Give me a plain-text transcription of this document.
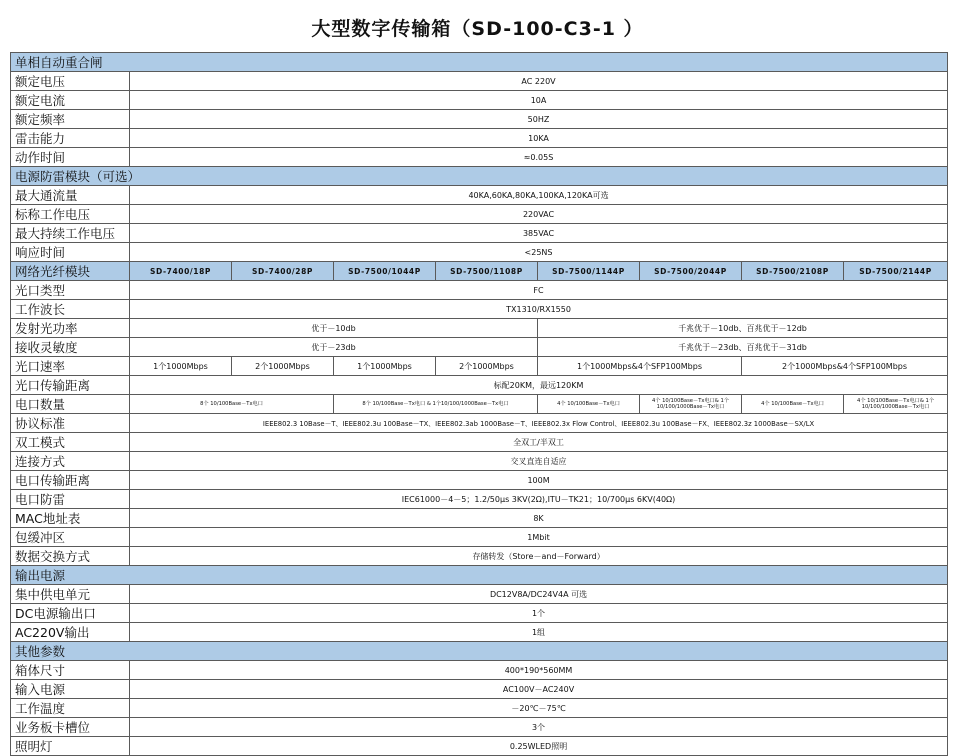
大型数字传输箱（SD-100-C3-1 ）
单相自动重合闸								
额定电压	AC 220V							
额定电流	10A							
额定频率	50HZ							
雷击能力	10KA							
动作时间	≈0.05S							
电源防雷模块（可选）								
最大通流量	40KA,60KA,80KA,100KA,120KA可选							
标称工作电压	220VAC							
最大持续工作电压	385VAC							
响应时间	<25NS							
网络光纤模块	SD-7400/18P	SD-7400/28P	SD-7500/1044P	SD-7500/1108P	SD-7500/1144P	SD-7500/2044P	SD-7500/2108P	SD-7500/2144P
光口类型	FC							
工作波长	TX1310/RX1550							
发射光功率	优于－10db				千兆优于－10db、百兆优于－12db			
接收灵敏度	优于－23db				千兆优于－23db、百兆优于－31db			
光口速率	1个1000Mbps	2个1000Mbps	1个1000Mbps	2个1000Mbps	1个1000Mbps&4个SFP100Mbps		2个1000Mbps&4个SFP100Mbps	
光口传输距离	标配20KM，最远120KM							
电口数量	8个 10/100Base－Tx电口		8个 10/100Base－Tx电口 & 1个10/100/1000Base－Tx电口		4个 10/100Base－Tx电口	4个 10/100Base－Tx电口& 1个 10/100/1000Base－Tx电口	4个 10/100Base－Tx电口	4个 10/100Base－Tx电口& 1个 10/100/1000Base－Tx电口
协议标准	IEEE802.3 10Base－T、IEEE802.3u 100Base－TX、IEEE802.3ab 1000Base－T、IEEE802.3x Flow Control、IEEE802.3u 100Base－FX、IEEE802.3z 1000Base－SX/LX							
双工模式	全双工/半双工							
连接方式	交叉直连自适应							
电口传输距离	100M							
电口防雷	IEC61000－4－5；1.2/50μs 3KV(2Ω),ITU－TK21；10/700μs 6KV(40Ω)							
MAC地址表	8K							
包缓冲区	1Mbit							
数据交换方式	存储转发（Store－and－Forward）							
输出电源								
集中供电单元	DC12V8A/DC24V4A 可选							
DC电源输出口	1个							
AC220V输出	1组							
其他参数								
箱体尺寸	400*190*560MM							
输入电源	AC100V－AC240V							
工作温度	－20℃－75℃							
业务板卡槽位	3个							
照明灯	0.25WLED照明							
